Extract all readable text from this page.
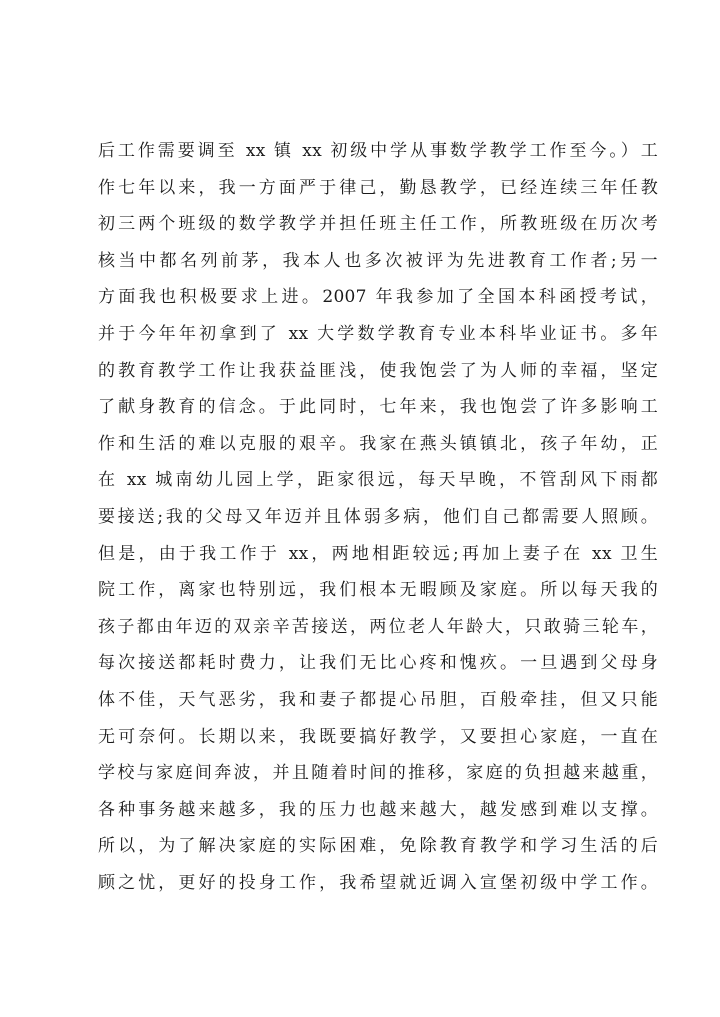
后工作需要调至 xx 镇 xx 初级中学从事数学教学工作至今。）工
作七年以来，我一方面严于律己，勤恳教学，已经连续三年任教
初三两个班级的数学教学并担任班主任工作，所教班级在历次考
核当中都名列前茅，我本人也多次被评为先进教育工作者;另一
方面我也积极要求上进。2007 年我参加了全国本科函授考试，
并于今年年初拿到了 xx 大学数学教育专业本科毕业证书。多年
的教育教学工作让我获益匪浅，使我饱尝了为人师的幸福，坚定
了献身教育的信念。于此同时，七年来，我也饱尝了许多影响工
作和生活的难以克服的艰辛。我家在燕头镇镇北，孩子年幼，正
在 xx 城南幼儿园上学，距家很远，每天早晚，不管刮风下雨都
要接送;我的父母又年迈并且体弱多病，他们自己都需要人照顾。
但是，由于我工作于 xx，两地相距较远;再加上妻子在 xx 卫生
院工作，离家也特别远，我们根本无暇顾及家庭。所以每天我的
孩子都由年迈的双亲辛苦接送，两位老人年龄大，只敢骑三轮车，
每次接送都耗时费力，让我们无比心疼和愧疚。一旦遇到父母身
体不佳，天气恶劣，我和妻子都提心吊胆，百般牵挂，但又只能
无可奈何。长期以来，我既要搞好教学，又要担心家庭，一直在
学校与家庭间奔波，并且随着时间的推移，家庭的负担越来越重，
各种事务越来越多，我的压力也越来越大，越发感到难以支撑。
所以，为了解决家庭的实际困难，免除教育教学和学习生活的后
顾之忧，更好的投身工作，我希望就近调入宣堡初级中学工作。
